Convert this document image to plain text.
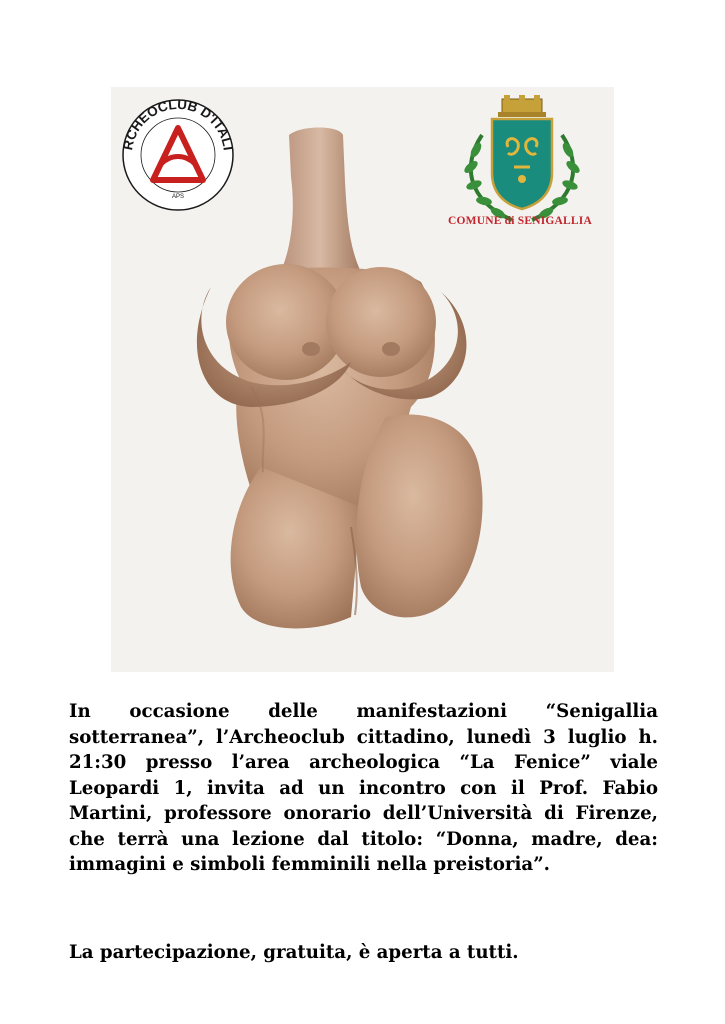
RCHEOCLUB D'ITALI
APS
COMUNE di SENIGALLIA

In occasione delle manifestazioni “Senigallia sotterranea”, l’Archeoclub cittadino, lunedì 3 luglio h. 21:30 presso l’area archeologica “La Fenice” viale Leopardi 1, invita ad un incontro con il Prof. Fabio Martini, professore onorario dell’Università di Firenze, che terrà una lezione dal titolo: “Donna, madre, dea: immagini e simboli femminili nella preistoria”.

La partecipazione, gratuita, è aperta a tutti.
